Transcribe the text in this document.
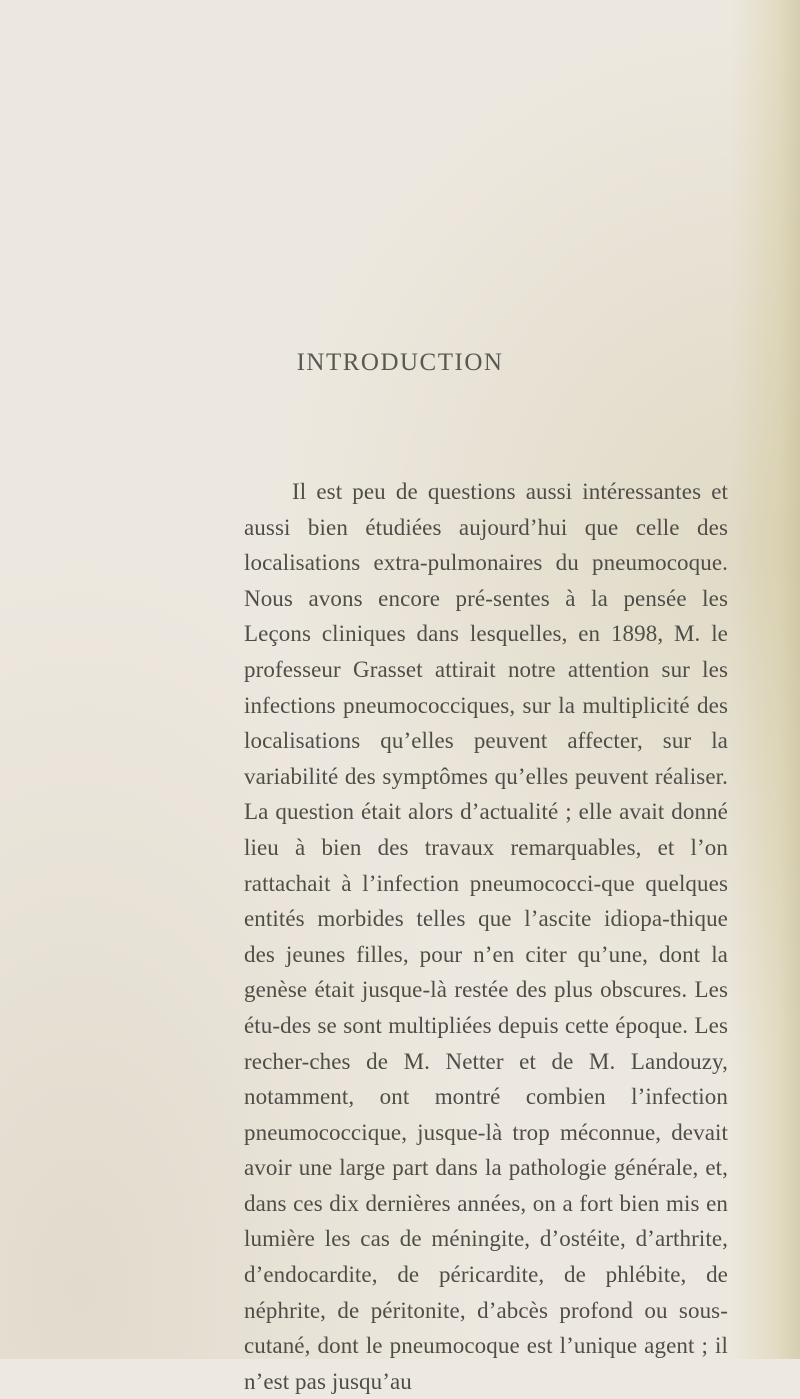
INTRODUCTION

Il est peu de questions aussi intéressantes et aussi bien étudiées aujourd’hui que celle des localisations extra-pulmonaires du pneumocoque. Nous avons encore pré-sentes à la pensée les Leçons cliniques dans lesquelles, en 1898, M. le professeur Grasset attirait notre attention sur les infections pneumococciques, sur la multiplicité des localisations qu’elles peuvent affecter, sur la variabilité des symptômes qu’elles peuvent réaliser. La question était alors d’actualité ; elle avait donné lieu à bien des travaux remarquables, et l’on rattachait à l’infection pneumococci-que quelques entités morbides telles que l’ascite idiopa-thique des jeunes filles, pour n’en citer qu’une, dont la genèse était jusque-là restée des plus obscures. Les étu-des se sont multipliées depuis cette époque. Les recher-ches de M. Netter et de M. Landouzy, notamment, ont montré combien l’infection pneumococcique, jusque-là trop méconnue, devait avoir une large part dans la pathologie générale, et, dans ces dix dernières années, on a fort bien mis en lumière les cas de méningite, d’ostéite, d’arthrite, d’endocardite, de péricardite, de phlébite, de néphrite, de péritonite, d’abcès profond ou sous-cutané, dont le pneumocoque est l’unique agent ; il n’est pas jusqu’au
